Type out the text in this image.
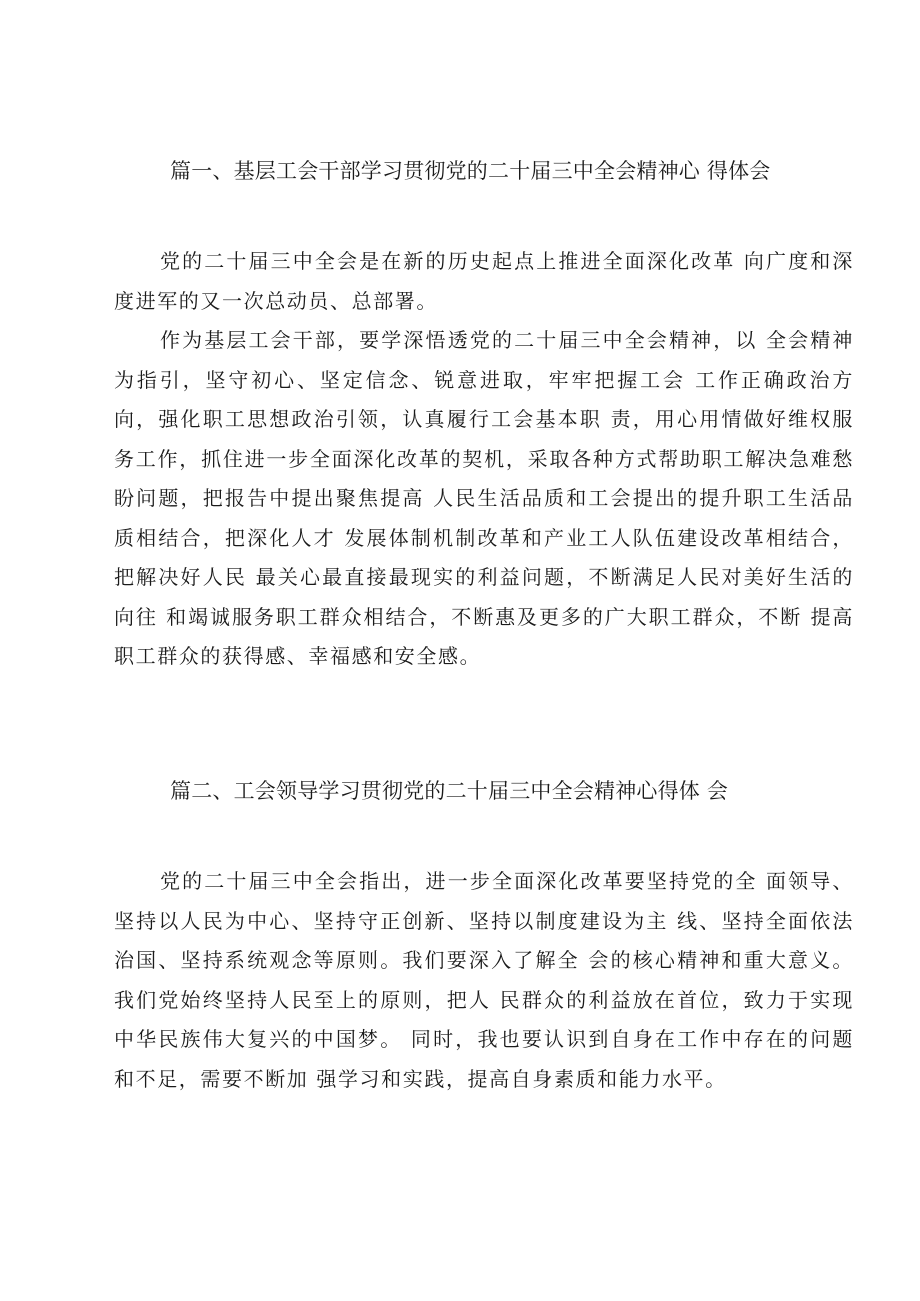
篇一、基层工会干部学习贯彻党的二十届三中全会精神心 得体会

党的二十届三中全会是在新的历史起点上推进全面深化改革 向广度和深度进军的又一次总动员、总部署。

作为基层工会干部，要学深悟透党的二十届三中全会精神，以 全会精神为指引，坚守初心、坚定信念、锐意进取，牢牢把握工会 工作正确政治方向，强化职工思想政治引领，认真履行工会基本职 责，用心用情做好维权服务工作，抓住进一步全面深化改革的契机，采取各种方式帮助职工解决急难愁盼问题，把报告中提出聚焦提高 人民生活品质和工会提出的提升职工生活品质相结合，把深化人才 发展体制机制改革和产业工人队伍建设改革相结合，把解决好人民 最关心最直接最现实的利益问题，不断满足人民对美好生活的向往 和竭诚服务职工群众相结合，不断惠及更多的广大职工群众，不断 提高职工群众的获得感、幸福感和安全感。

篇二、工会领导学习贯彻党的二十届三中全会精神心得体 会

党的二十届三中全会指出，进一步全面深化改革要坚持党的全 面领导、坚持以人民为中心、坚持守正创新、坚持以制度建设为主 线、坚持全面依法治国、坚持系统观念等原则。我们要深入了解全 会的核心精神和重大意义。我们党始终坚持人民至上的原则，把人 民群众的利益放在首位，致力于实现中华民族伟大复兴的中国梦。 同时，我也要认识到自身在工作中存在的问题和不足，需要不断加 强学习和实践，提高自身素质和能力水平。
